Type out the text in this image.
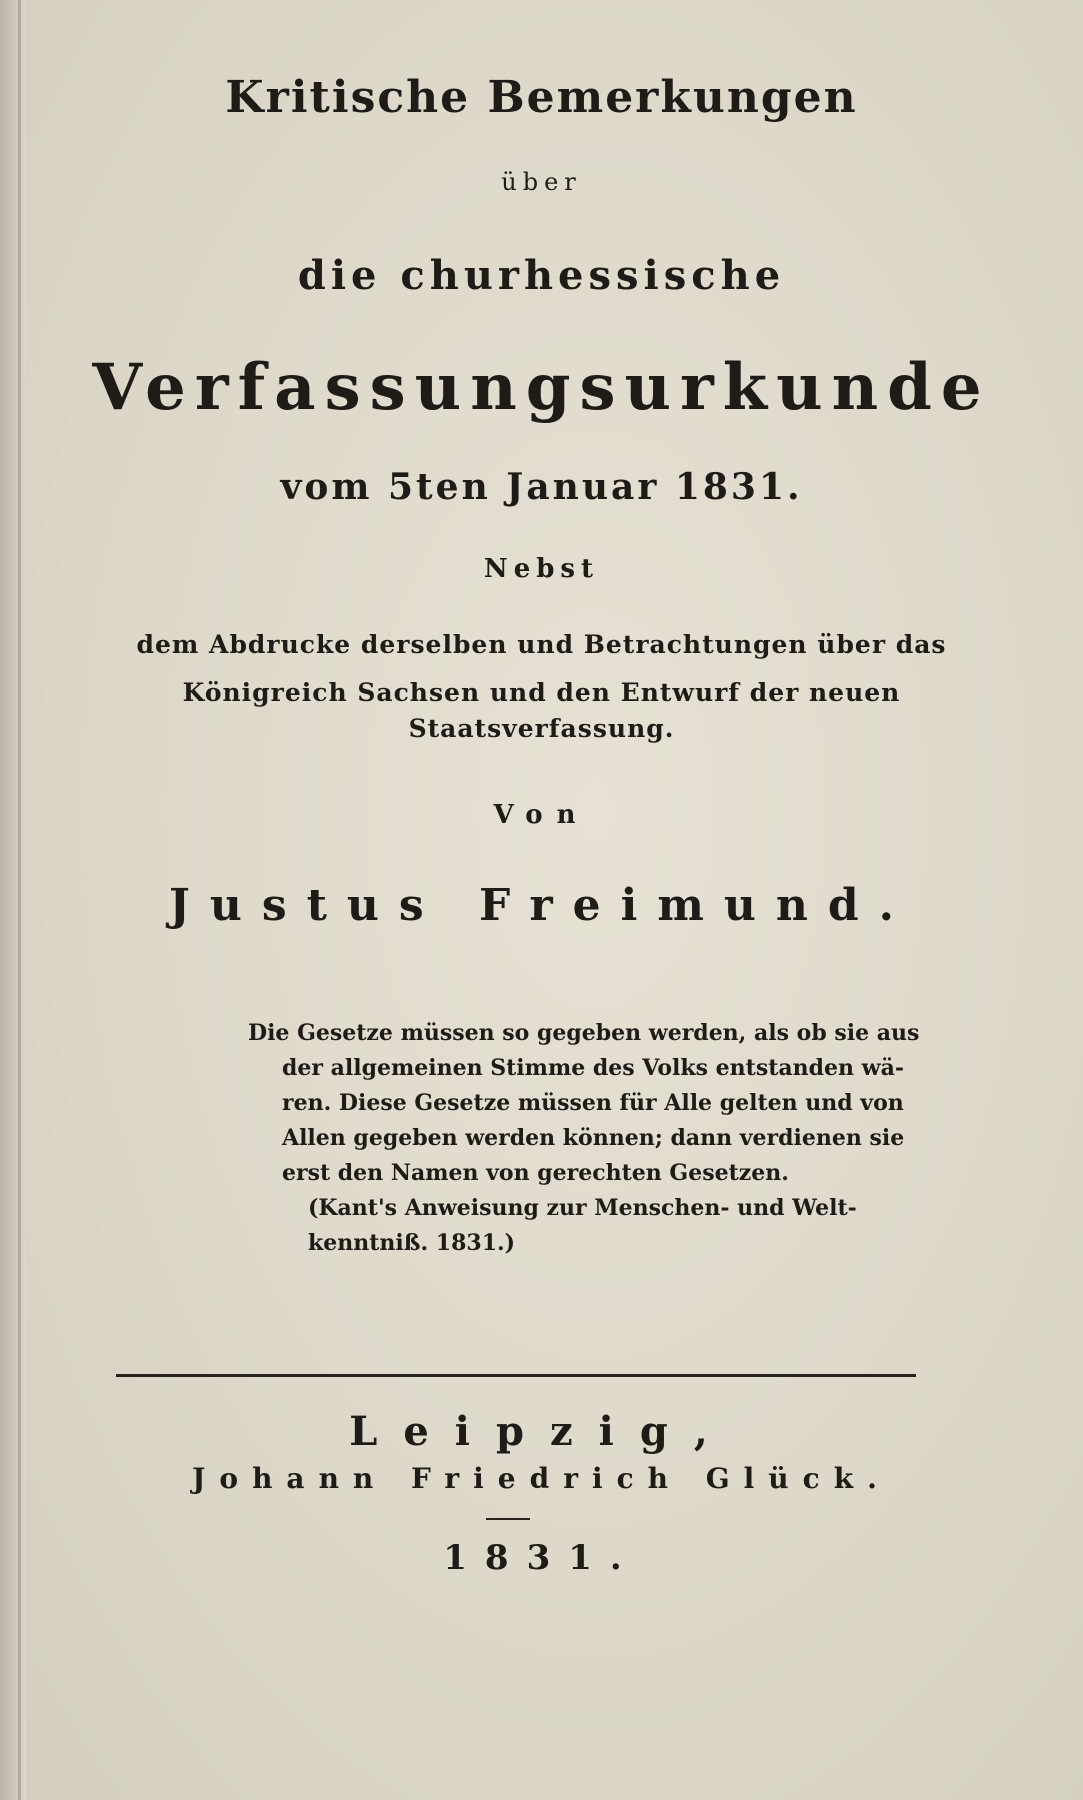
Kritische Bemerkungen
über
die churhessische
Verfassungsurkunde
vom 5ten Januar 1831.
Nebst
dem Abdrucke derselben und Betrachtungen über das
Königreich Sachsen und den Entwurf der neuen
Staatsverfassung.
Von
Justus Freimund.
Die Gesetze müssen so gegeben werden, als ob sie aus
der allgemeinen Stimme des Volks entstanden wä-
ren. Diese Gesetze müssen für Alle gelten und von
Allen gegeben werden können; dann verdienen sie
erst den Namen von gerechten Gesetzen.
(Kant's Anweisung zur Menschen- und Welt-
kenntniß. 1831.)
Leipzig,
Johann Friedrich Glück.
1831.
